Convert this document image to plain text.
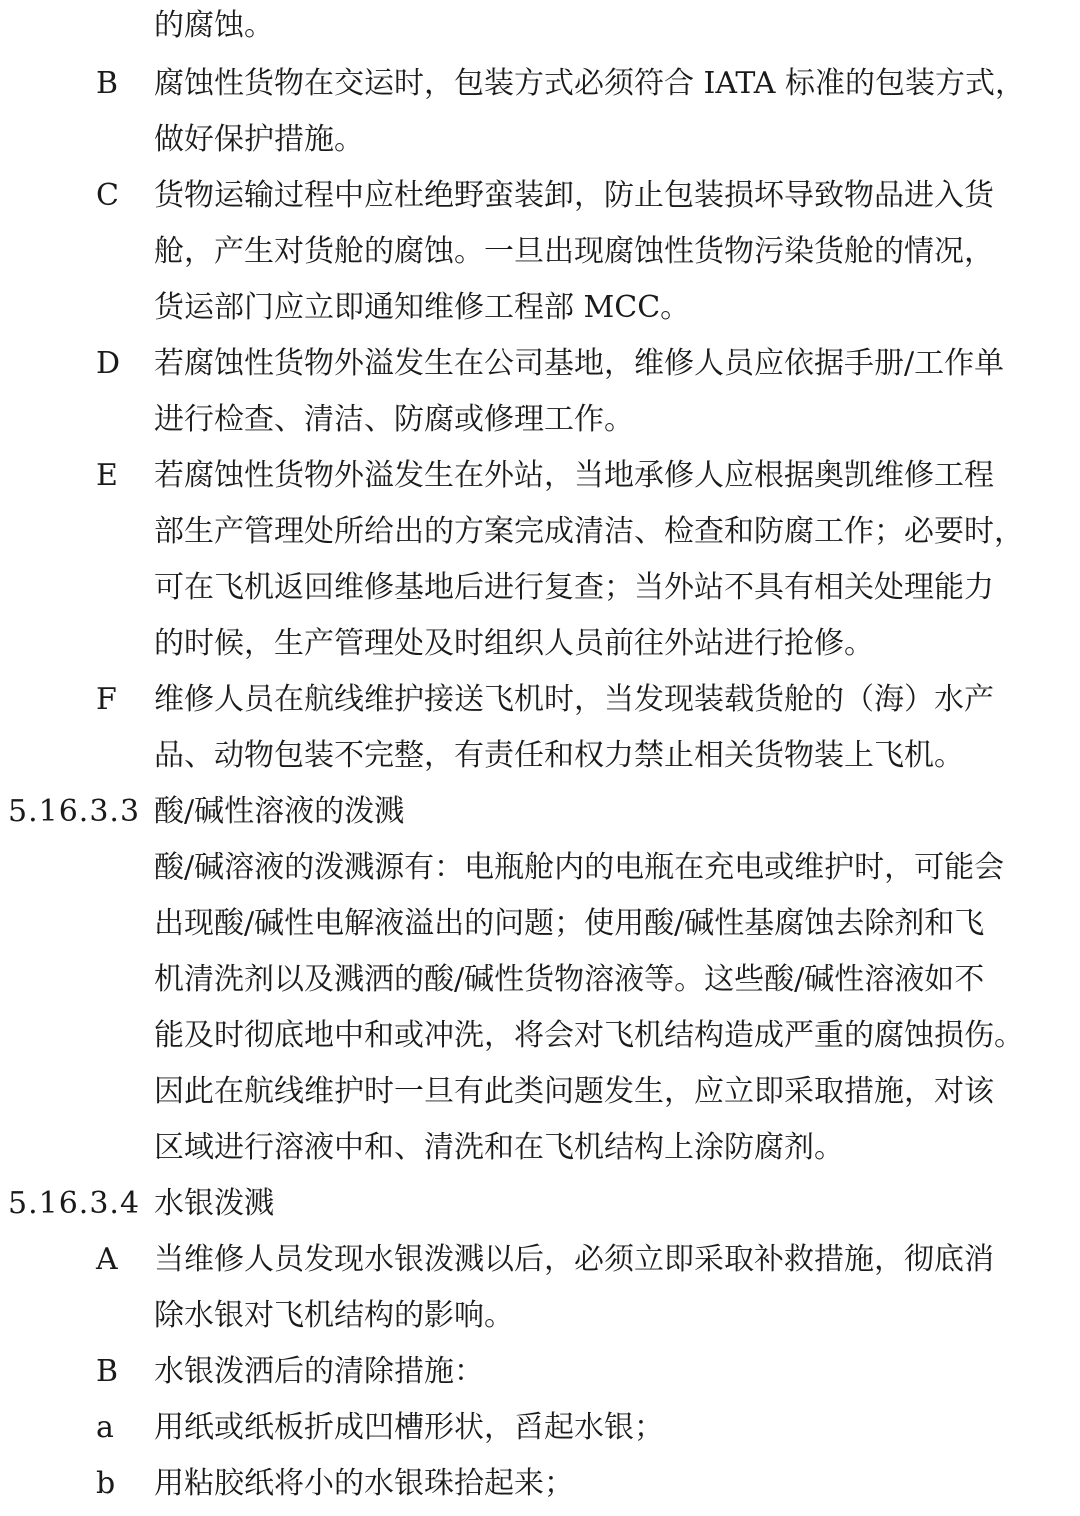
的腐蚀。
B	腐蚀性货物在交运时，包装方式必须符合 IATA 标准的包装方式，
做好保护措施。
C	货物运输过程中应杜绝野蛮装卸，防止包装损坏导致物品进入货
舱，产生对货舱的腐蚀。一旦出现腐蚀性货物污染货舱的情况，
货运部门应立即通知维修工程部 MCC。
D	若腐蚀性货物外溢发生在公司基地，维修人员应依据手册/工作单
进行检查、清洁、防腐或修理工作。
E	若腐蚀性货物外溢发生在外站，当地承修人应根据奥凯维修工程
部生产管理处所给出的方案完成清洁、检查和防腐工作；必要时，
可在飞机返回维修基地后进行复查；当外站不具有相关处理能力
的时候，生产管理处及时组织人员前往外站进行抢修。
F	维修人员在航线维护接送飞机时，当发现装载货舱的（海）水产
品、动物包装不完整，有责任和权力禁止相关货物装上飞机。
5.16.3.3 酸/碱性溶液的泼溅
酸/碱溶液的泼溅源有：电瓶舱内的电瓶在充电或维护时，可能会
出现酸/碱性电解液溢出的问题；使用酸/碱性基腐蚀去除剂和飞
机清洗剂以及溅洒的酸/碱性货物溶液等。这些酸/碱性溶液如不
能及时彻底地中和或冲洗，将会对飞机结构造成严重的腐蚀损伤。
因此在航线维护时一旦有此类问题发生，应立即采取措施，对该
区域进行溶液中和、清洗和在飞机结构上涂防腐剂。
5.16.3.4 水银泼溅
A	当维修人员发现水银泼溅以后，必须立即采取补救措施，彻底消
除水银对飞机结构的影响。
B	水银泼洒后的清除措施：
a	用纸或纸板折成凹槽形状，舀起水银；
b	用粘胶纸将小的水银珠拾起来；
